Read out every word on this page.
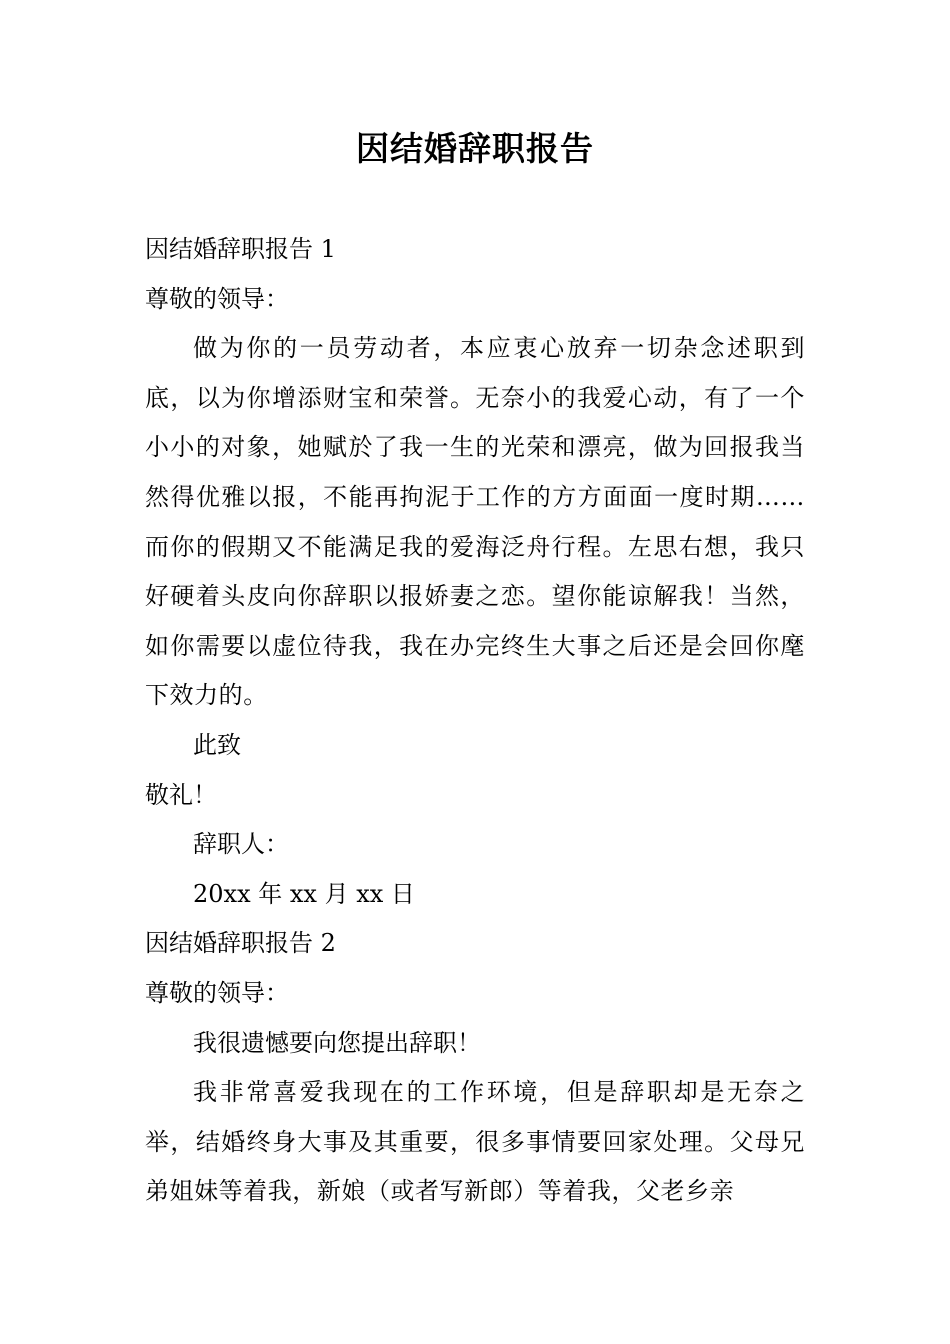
因结婚辞职报告

因结婚辞职报告 1

尊敬的领导：

做为你的一员劳动者，本应衷心放弃一切杂念述职到底，以为你增添财宝和荣誉。无奈小的我爱心动，有了一个小小的对象，她赋於了我一生的光荣和漂亮，做为回报我当然得优雅以报，不能再拘泥于工作的方方面面一度时期……而你的假期又不能满足我的爱海泛舟行程。左思右想，我只好硬着头皮向你辞职以报娇妻之恋。望你能谅解我！当然，如你需要以虚位待我，我在办完终生大事之后还是会回你麾下效力的。

此致

敬礼！

辞职人：

20xx 年 xx 月 xx 日

因结婚辞职报告 2

尊敬的领导：

我很遗憾要向您提出辞职！

我非常喜爱我现在的工作环境，但是辞职却是无奈之举，结婚终身大事及其重要，很多事情要回家处理。父母兄弟姐妹等着我，新娘（或者写新郎）等着我，父老乡亲
